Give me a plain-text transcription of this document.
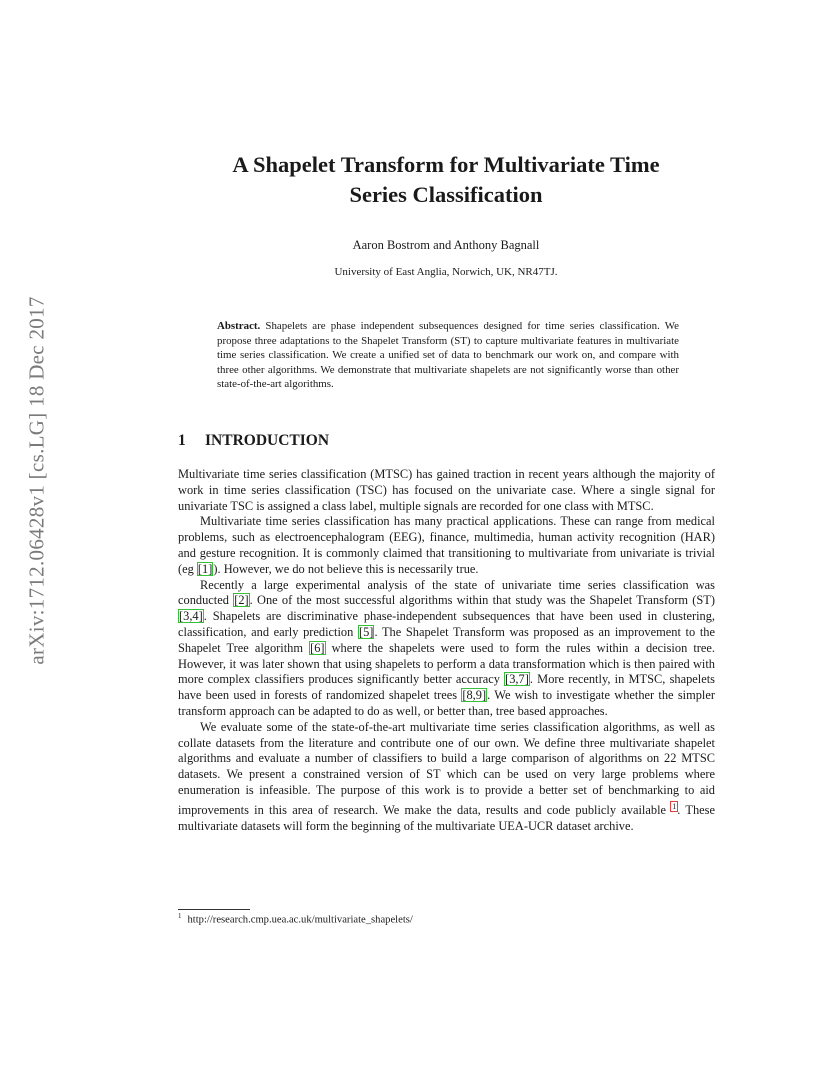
arXiv:1712.06428v1 [cs.LG] 18 Dec 2017
A Shapelet Transform for Multivariate Time
Series Classification
Aaron Bostrom and Anthony Bagnall
University of East Anglia, Norwich, UK, NR47TJ.
Abstract. Shapelets are phase independent subsequences designed for time series classification. We propose three adaptations to the Shapelet Transform (ST) to capture multivariate features in multivariate time series classification. We create a unified set of data to benchmark our work on, and compare with three other algorithms. We demonstrate that multivariate shapelets are not significantly worse than other state-of-the-art algorithms.
1 INTRODUCTION

Multivariate time series classification (MTSC) has gained traction in recent years although the majority of work in time series classification (TSC) has focused on the univariate case. Where a single signal for univariate TSC is assigned a class label, multiple signals are recorded for one class with MTSC.

Multivariate time series classification has many practical applications. These can range from medical problems, such as electroencephalogram (EEG), finance, multimedia, human activity recognition (HAR) and gesture recognition. It is commonly claimed that transitioning to multivariate from univariate is trivial (eg [1]). However, we do not believe this is necessarily true.

Recently a large experimental analysis of the state of univariate time series classification was conducted [2]. One of the most successful algorithms within that study was the Shapelet Transform (ST) [3,4]. Shapelets are discriminative phase-independent subsequences that have been used in clustering, classification, and early prediction [5]. The Shapelet Transform was proposed as an improvement to the Shapelet Tree algorithm [6] where the shapelets were used to form the rules within a decision tree. However, it was later shown that using shapelets to perform a data transformation which is then paired with more complex classifiers produces significantly better accuracy [3,7]. More recently, in MTSC, shapelets have been used in forests of randomized shapelet trees [8,9]. We wish to investigate whether the simpler transform approach can be adapted to do as well, or better than, tree based approaches.

We evaluate some of the state-of-the-art multivariate time series classification algorithms, as well as collate datasets from the literature and contribute one of our own. We define three multivariate shapelet algorithms and evaluate a number of classifiers to build a large comparison of algorithms on 22 MTSC datasets. We present a constrained version of ST which can be used on very large problems where enumeration is infeasible. The purpose of this work is to provide a better set of benchmarking to aid improvements in this area of research. We make the data, results and code publicly available $^1$. These multivariate datasets will form the beginning of the multivariate UEA-UCR dataset archive.

$^1$ http://research.cmp.uea.ac.uk/multivariate_shapelets/
